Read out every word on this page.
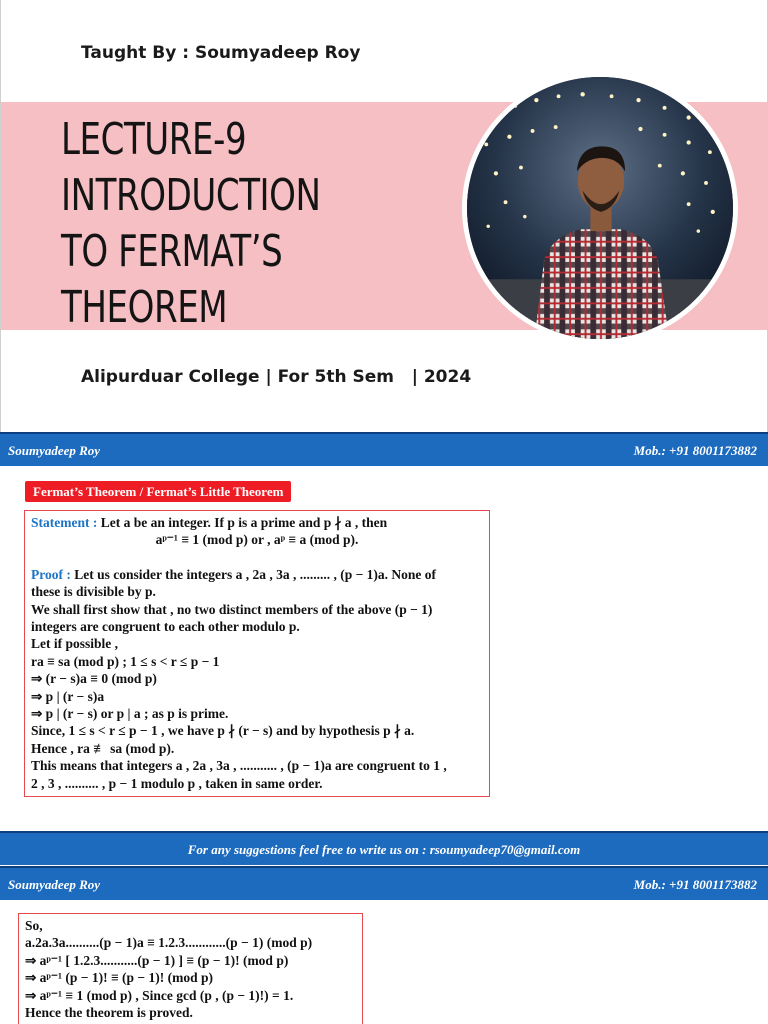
Taught By : Soumyadeep Roy
LECTURE-9
INTRODUCTION
TO FERMAT’S
THEOREM
Alipurduar College | For 5th Sem   | 2024
Soumyadeep Roy	Mob.: +91 8001173882
Fermat’s Theorem / Fermat’s Little Theorem
Statement : Let a be an integer. If p is a prime and p ∤ a , then
aᵖ⁻¹ ≡ 1 (mod p) or , aᵖ ≡ a (mod p).
Proof : Let us consider the integers a , 2a , 3a , ......... , (p − 1)a. None of
these is divisible by p.
We shall first show that , no two distinct members of the above (p − 1)
integers are congruent to each other modulo p.
Let if possible ,
ra ≡ sa (mod p) ; 1 ≤ s < r ≤ p − 1
⇒ (r − s)a ≡ 0 (mod p)
⇒ p | (r − s)a
⇒ p | (r − s) or p | a ; as p is prime.
Since, 1 ≤ s < r ≤ p − 1 , we have p ∤ (r − s) and by hypothesis p ∤ a.
Hence , ra ≢ sa (mod p).
This means that integers a , 2a , 3a , ........... , (p − 1)a are congruent to 1 ,
2 , 3 , .......... , p − 1 modulo p , taken in same order.
For any suggestions feel free to write us on : rsoumyadeep70@gmail.com
Soumyadeep Roy	Mob.: +91 8001173882
So,
a.2a.3a..........(p − 1)a ≡ 1.2.3............(p − 1) (mod p)
⇒ aᵖ⁻¹ [ 1.2.3...........(p − 1) ] ≡ (p − 1)! (mod p)
⇒ aᵖ⁻¹ (p − 1)! ≡ (p − 1)! (mod p)
⇒ aᵖ⁻¹ ≡ 1 (mod p) , Since gcd (p , (p − 1)!) = 1.
Hence the theorem is proved.
